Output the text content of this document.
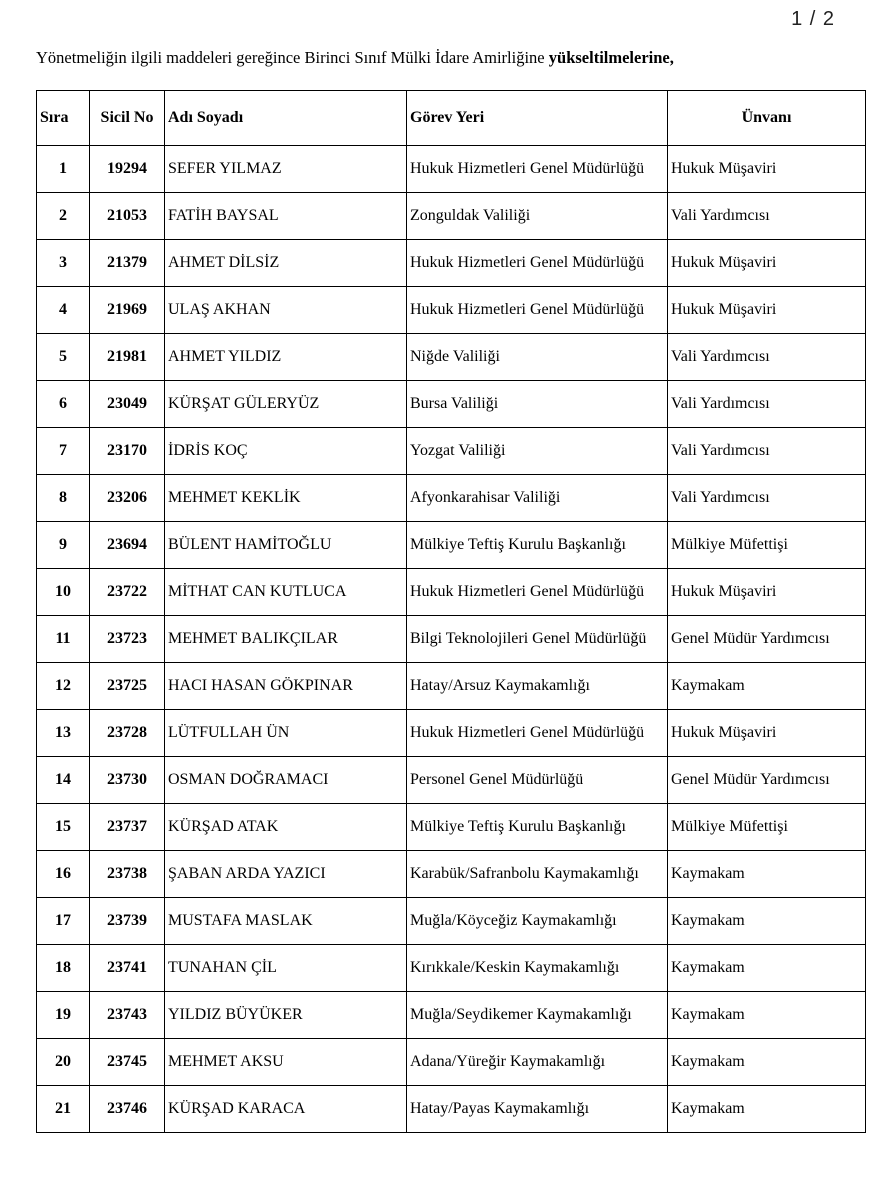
1 / 2
Yönetmeliğin ilgili maddeleri gereğince Birinci Sınıf Mülki İdare Amirliğine yükseltilmelerine,
Sıra	Sicil No	Adı Soyadı	Görev Yeri	Ünvanı
1	19294	SEFER YILMAZ	Hukuk Hizmetleri Genel Müdürlüğü	Hukuk Müşaviri
2	21053	FATİH BAYSAL	Zonguldak Valiliği	Vali Yardımcısı
3	21379	AHMET DİLSİZ	Hukuk Hizmetleri Genel Müdürlüğü	Hukuk Müşaviri
4	21969	ULAŞ AKHAN	Hukuk Hizmetleri Genel Müdürlüğü	Hukuk Müşaviri
5	21981	AHMET YILDIZ	Niğde Valiliği	Vali Yardımcısı
6	23049	KÜRŞAT GÜLERYÜZ	Bursa Valiliği	Vali Yardımcısı
7	23170	İDRİS KOÇ	Yozgat Valiliği	Vali Yardımcısı
8	23206	MEHMET KEKLİK	Afyonkarahisar Valiliği	Vali Yardımcısı
9	23694	BÜLENT HAMİTOĞLU	Mülkiye Teftiş Kurulu Başkanlığı	Mülkiye Müfettişi
10	23722	MİTHAT CAN KUTLUCA	Hukuk Hizmetleri Genel Müdürlüğü	Hukuk Müşaviri
11	23723	MEHMET BALIKÇILAR	Bilgi Teknolojileri Genel Müdürlüğü	Genel Müdür Yardımcısı
12	23725	HACI HASAN GÖKPINAR	Hatay/Arsuz Kaymakamlığı	Kaymakam
13	23728	LÜTFULLAH ÜN	Hukuk Hizmetleri Genel Müdürlüğü	Hukuk Müşaviri
14	23730	OSMAN DOĞRAMACI	Personel Genel Müdürlüğü	Genel Müdür Yardımcısı
15	23737	KÜRŞAD ATAK	Mülkiye Teftiş Kurulu Başkanlığı	Mülkiye Müfettişi
16	23738	ŞABAN ARDA YAZICI	Karabük/Safranbolu Kaymakamlığı	Kaymakam
17	23739	MUSTAFA MASLAK	Muğla/Köyceğiz Kaymakamlığı	Kaymakam
18	23741	TUNAHAN ÇİL	Kırıkkale/Keskin Kaymakamlığı	Kaymakam
19	23743	YILDIZ BÜYÜKER	Muğla/Seydikemer Kaymakamlığı	Kaymakam
20	23745	MEHMET AKSU	Adana/Yüreğir Kaymakamlığı	Kaymakam
21	23746	KÜRŞAD KARACA	Hatay/Payas Kaymakamlığı	Kaymakam
